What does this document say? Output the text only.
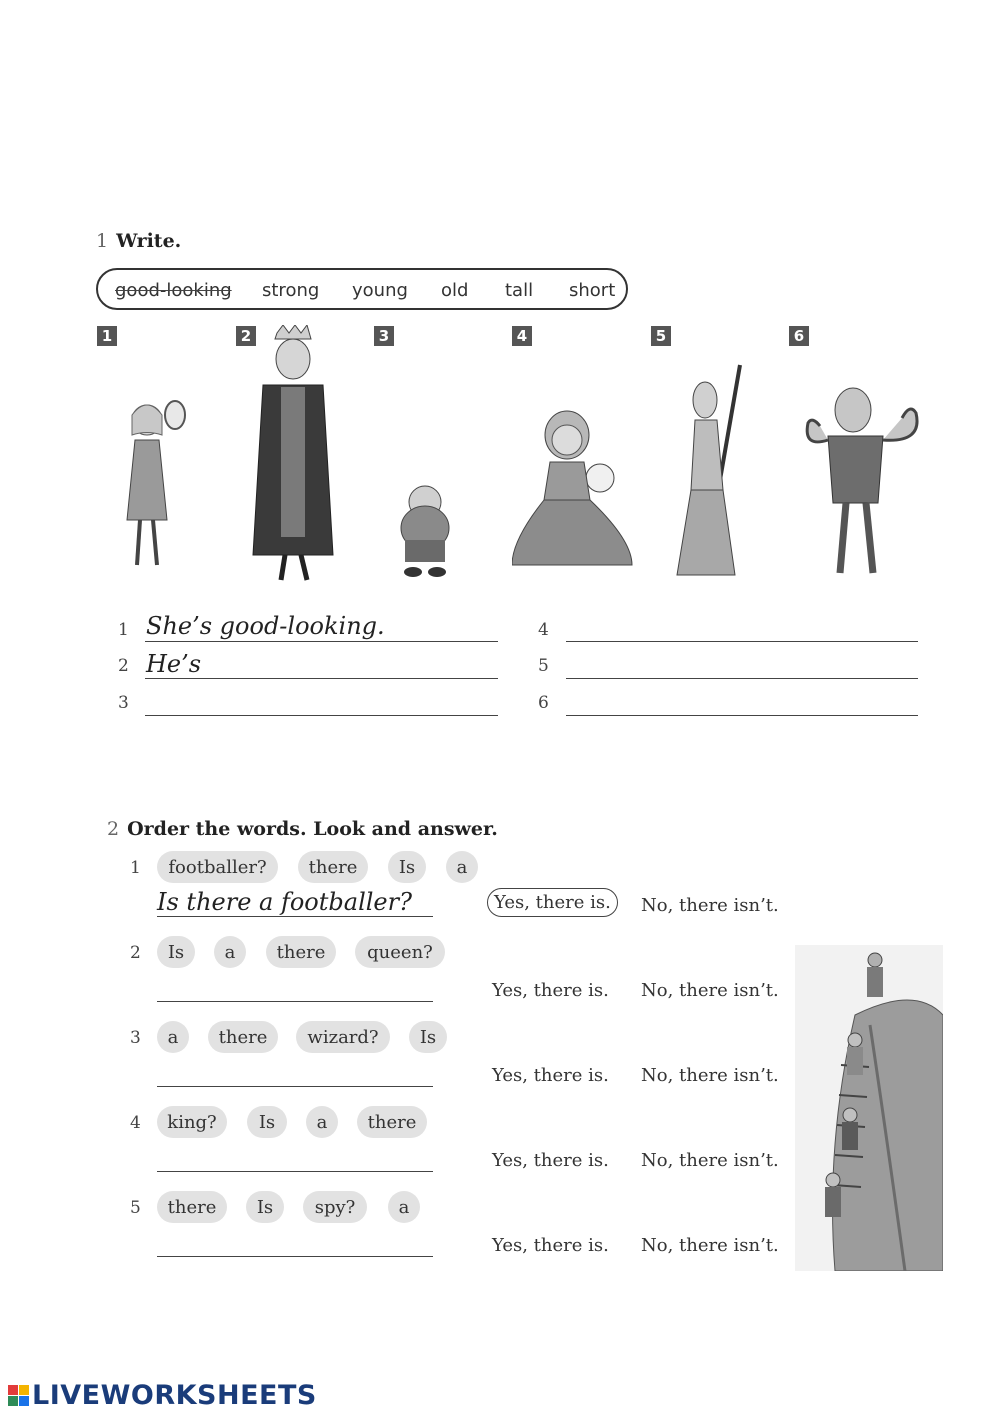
1 Write.
good-looking strong young old tall short
1	2	3	4	5	6
1 She’s good-looking.
2 He’s
3
4
5
6
2 Order the words. Look and answer.
1	footballer?	there	Is	a
Is there a footballer?	Yes, there is.	No, there isn’t.
2	Is	a	there	queen?
Yes, there is. No, there isn’t.
3	a	there	wizard?	Is
Yes, there is. No, there isn’t.
4	king?	Is	a	there
Yes, there is. No, there isn’t.
5	there	Is	spy?	a
Yes, there is. No, there isn’t.
LIVEWORKSHEETS
